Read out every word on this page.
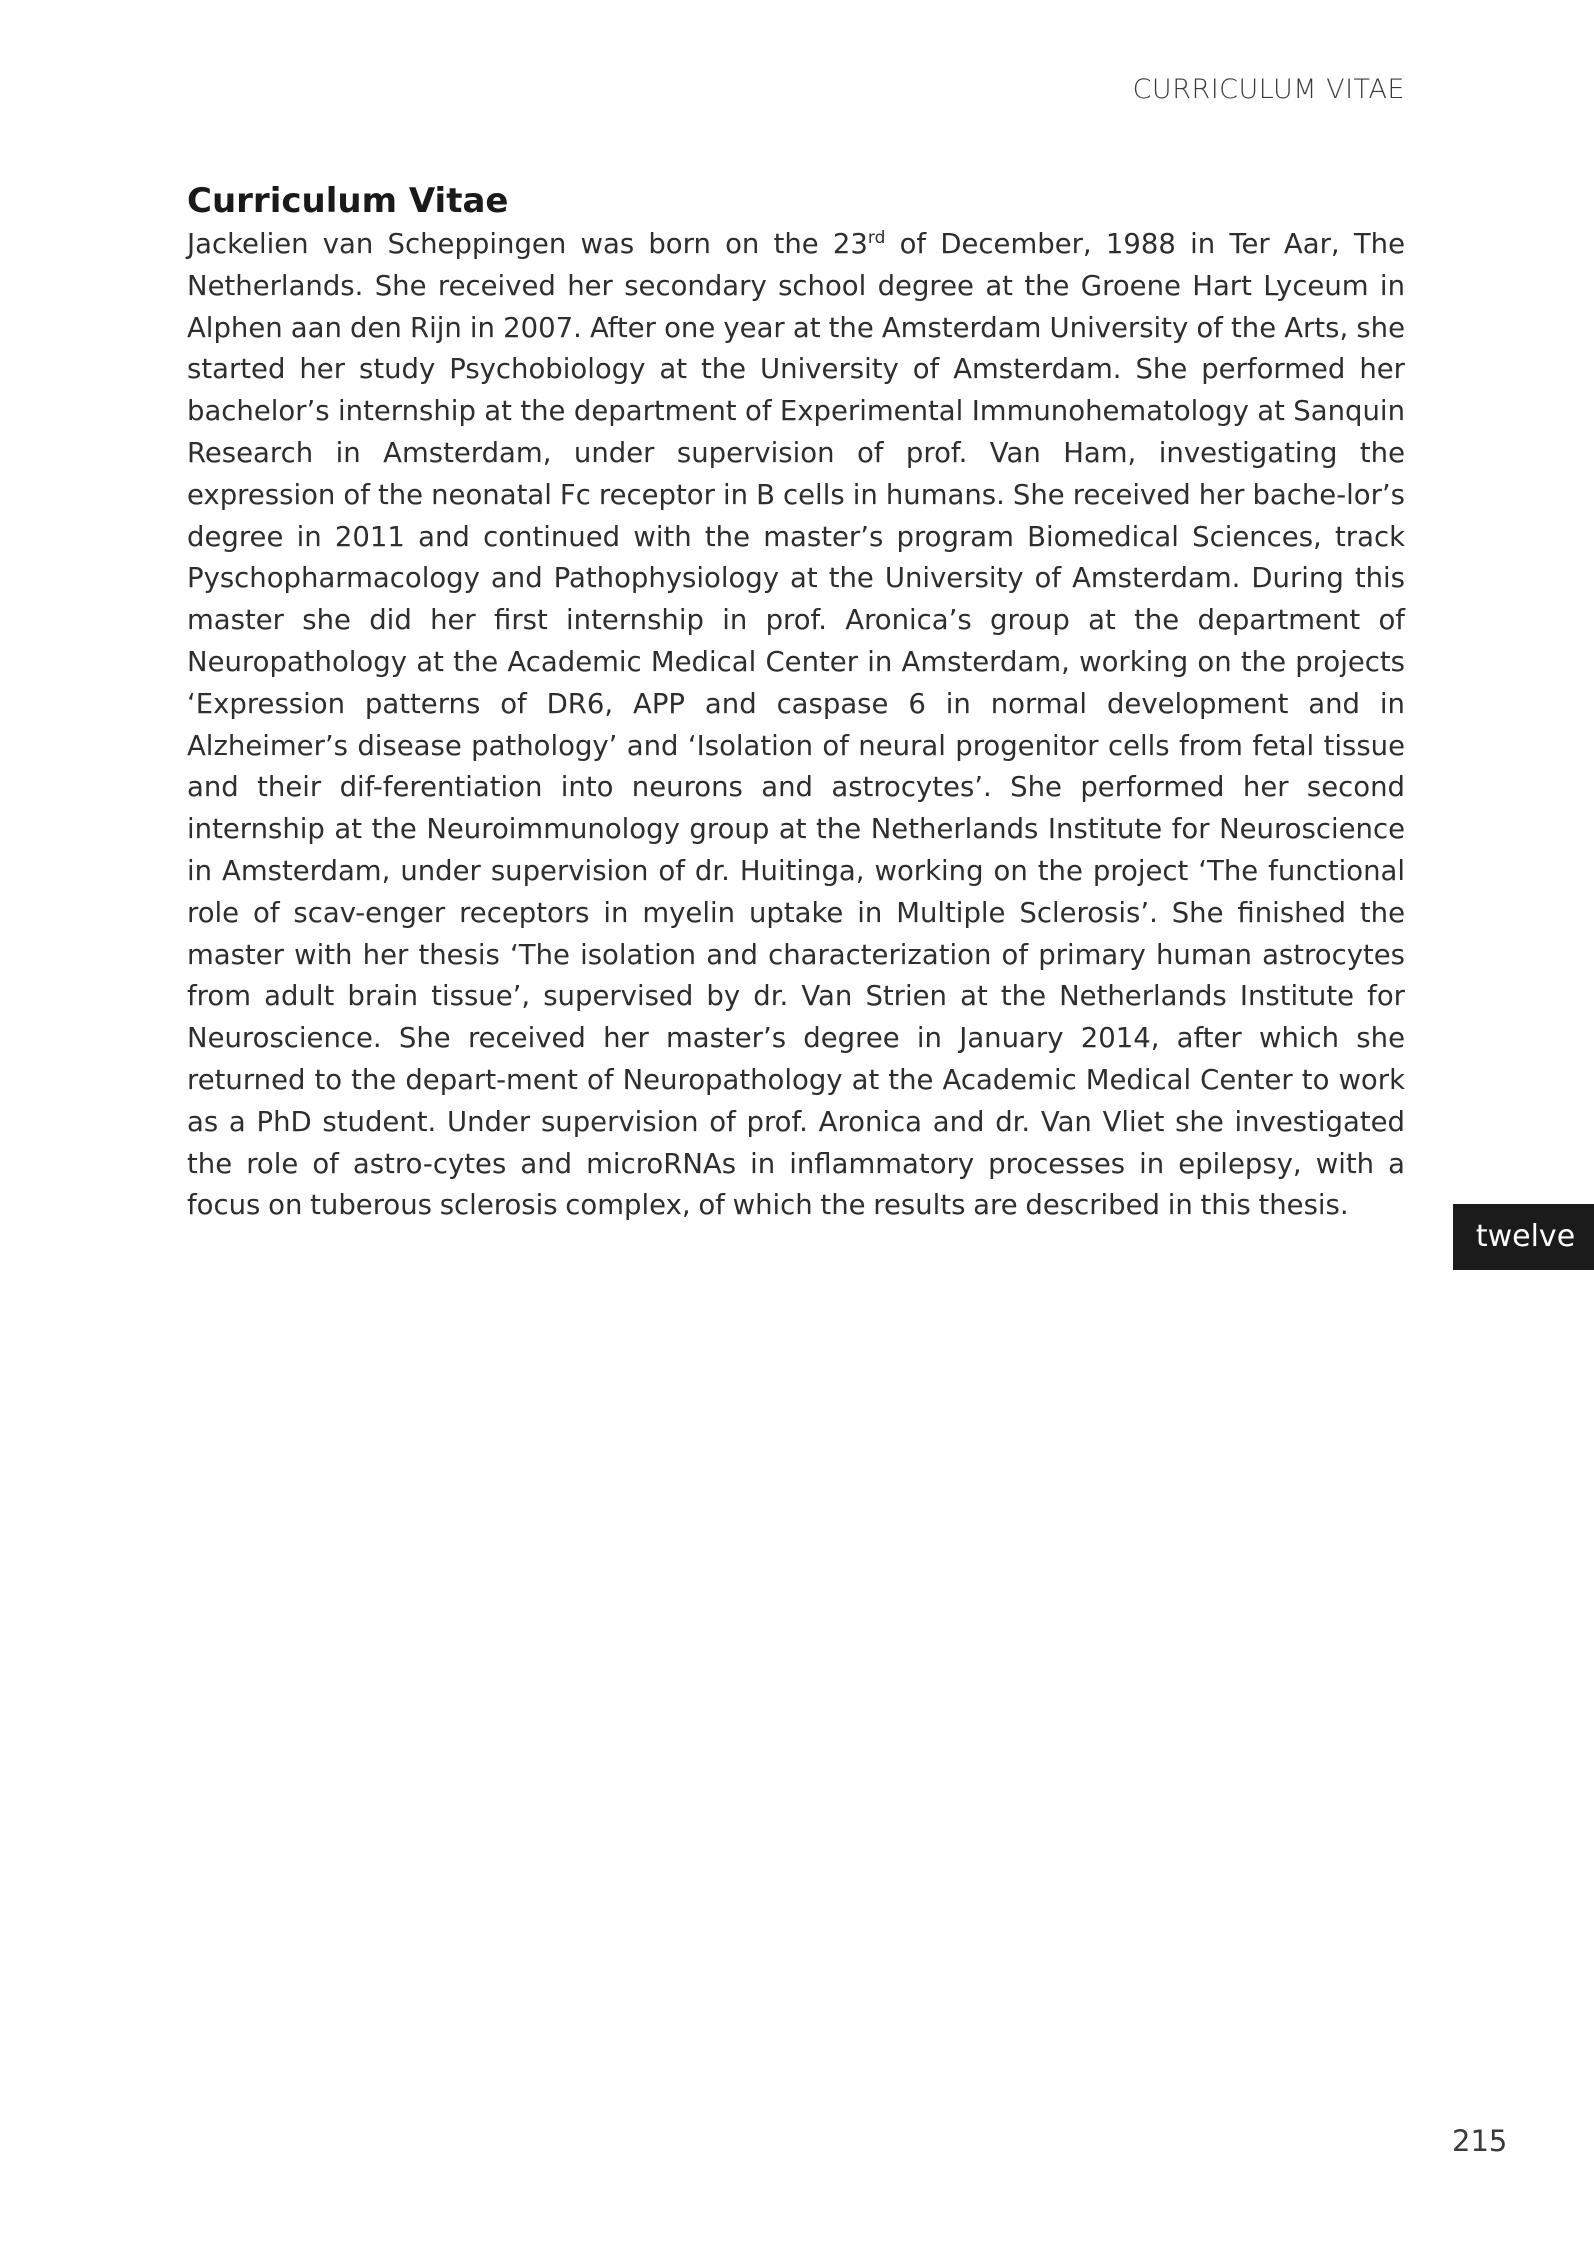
CURRICULUM VITAE
Curriculum Vitae

Jackelien van Scheppingen was born on the 23rd of December, 1988 in Ter Aar, The Netherlands. She received her secondary school degree at the Groene Hart Lyceum in Alphen aan den Rijn in 2007. After one year at the Amsterdam University of the Arts, she started her study Psychobiology at the University of Amsterdam. She performed her bachelor’s internship at the department of Experimental Immunohematology at Sanquin Research in Amsterdam, under supervision of prof. Van Ham, investigating the expression of the neonatal Fc receptor in B cells in humans. She received her bache-lor’s degree in 2011 and continued with the master’s program Biomedical Sciences, track Pyschopharmacology and Pathophysiology at the University of Amsterdam. During this master she did her first internship in prof. Aronica’s group at the department of Neuropathology at the Academic Medical Center in Amsterdam, working on the projects ‘Expression patterns of DR6, APP and caspase 6 in normal development and in Alzheimer’s disease pathology’ and ‘Isolation of neural progenitor cells from fetal tissue and their dif-ferentiation into neurons and astrocytes’. She performed her second internship at the Neuroimmunology group at the Netherlands Institute for Neuroscience in Amsterdam, under supervision of dr. Huitinga, working on the project ‘The functional role of scav-enger receptors in myelin uptake in Multiple Sclerosis’. She finished the master with her thesis ‘The isolation and characterization of primary human astrocytes from adult brain tissue’, supervised by dr. Van Strien at the Netherlands Institute for Neuroscience. She received her master’s degree in January 2014, after which she returned to the depart-ment of Neuropathology at the Academic Medical Center to work as a PhD student. Under supervision of prof. Aronica and dr. Van Vliet she investigated the role of astro-cytes and microRNAs in inflammatory processes in epilepsy, with a focus on tuberous sclerosis complex, of which the results are described in this thesis.

twelve
215
